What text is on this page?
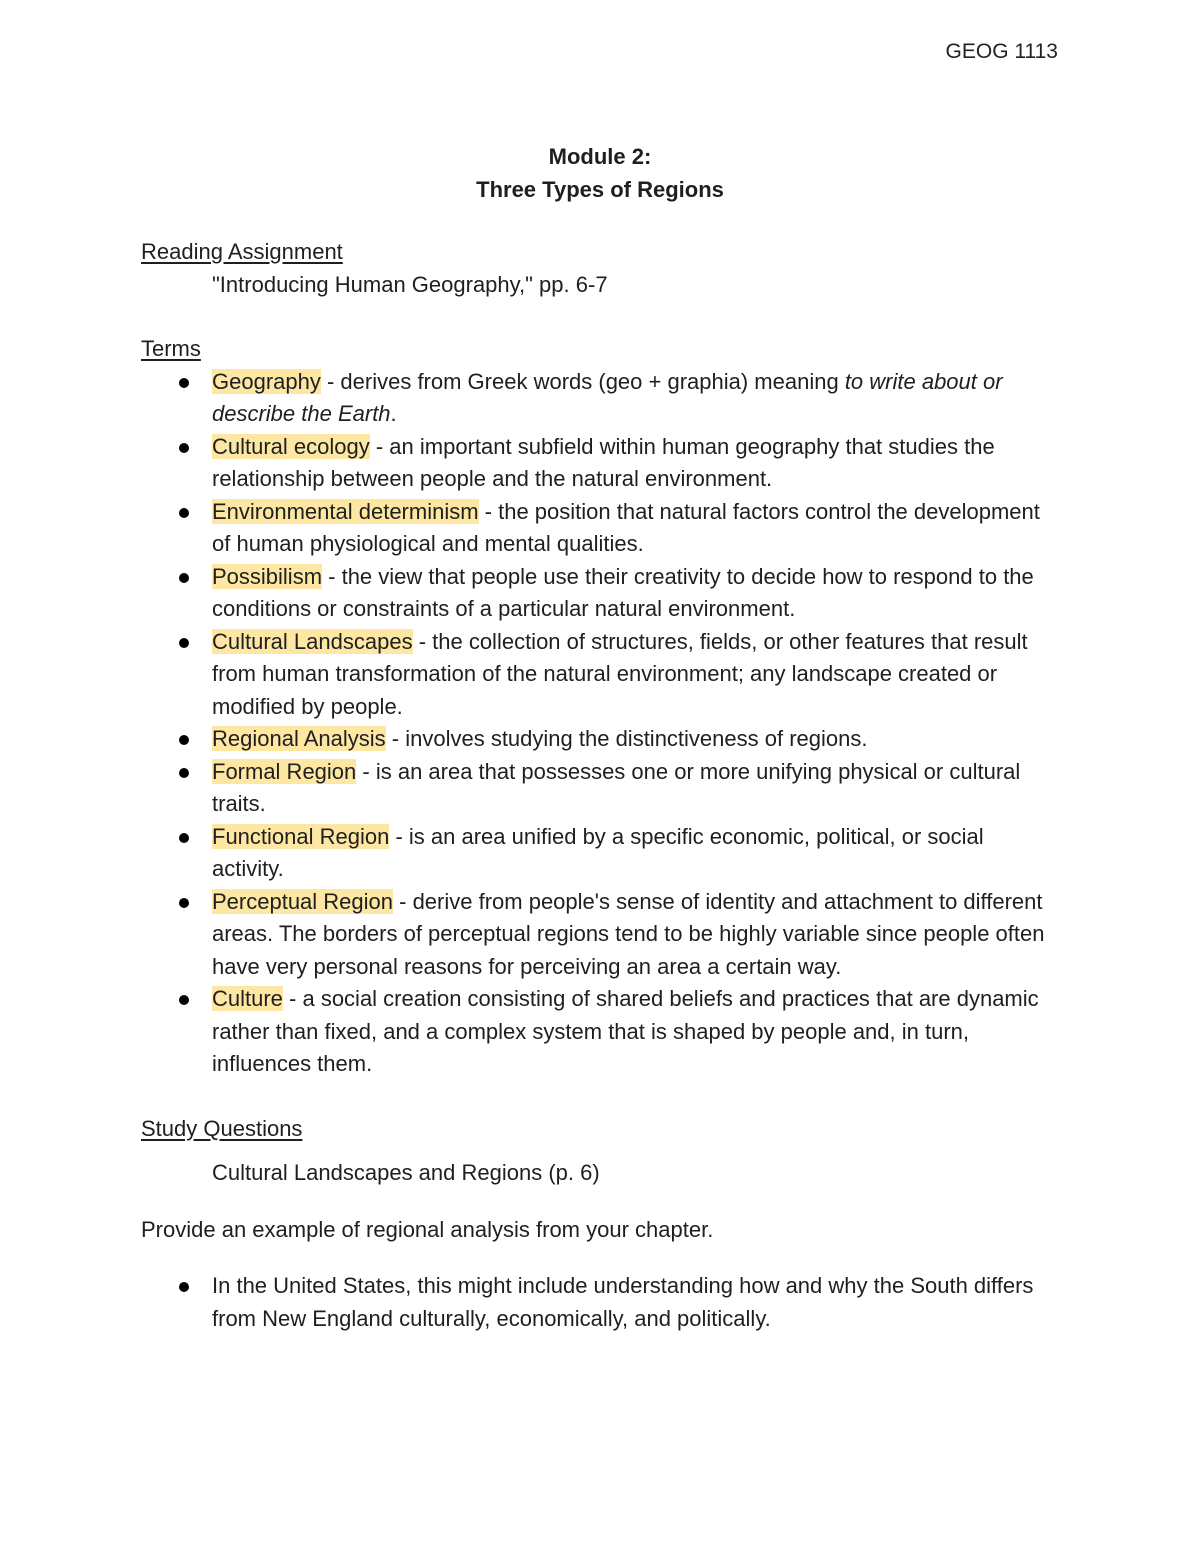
GEOG 1113
Module 2:
Three Types of Regions

Reading Assignment

"Introducing Human Geography," pp. 6-7

Terms

Geography - derives from Greek words (geo + graphia) meaning to write about or describe the Earth.
Cultural ecology - an important subfield within human geography that studies the relationship between people and the natural environment.
Environmental determinism - the position that natural factors control the development of human physiological and mental qualities.
Possibilism - the view that people use their creativity to decide how to respond to the conditions or constraints of a particular natural environment.
Cultural Landscapes - the collection of structures, fields, or other features that result from human transformation of the natural environment; any landscape created or modified by people.
Regional Analysis - involves studying the distinctiveness of regions.
Formal Region - is an area that possesses one or more unifying physical or cultural traits.
Functional Region - is an area unified by a specific economic, political, or social activity.
Perceptual Region - derive from people's sense of identity and attachment to different areas. The borders of perceptual regions tend to be highly variable since people often have very personal reasons for perceiving an area a certain way.
Culture - a social creation consisting of shared beliefs and practices that are dynamic rather than fixed, and a complex system that is shaped by people and, in turn, influences them.

Study Questions

Cultural Landscapes and Regions (p. 6)

Provide an example of regional analysis from your chapter.

In the United States, this might include understanding how and why the South differs from New England culturally, economically, and politically.
